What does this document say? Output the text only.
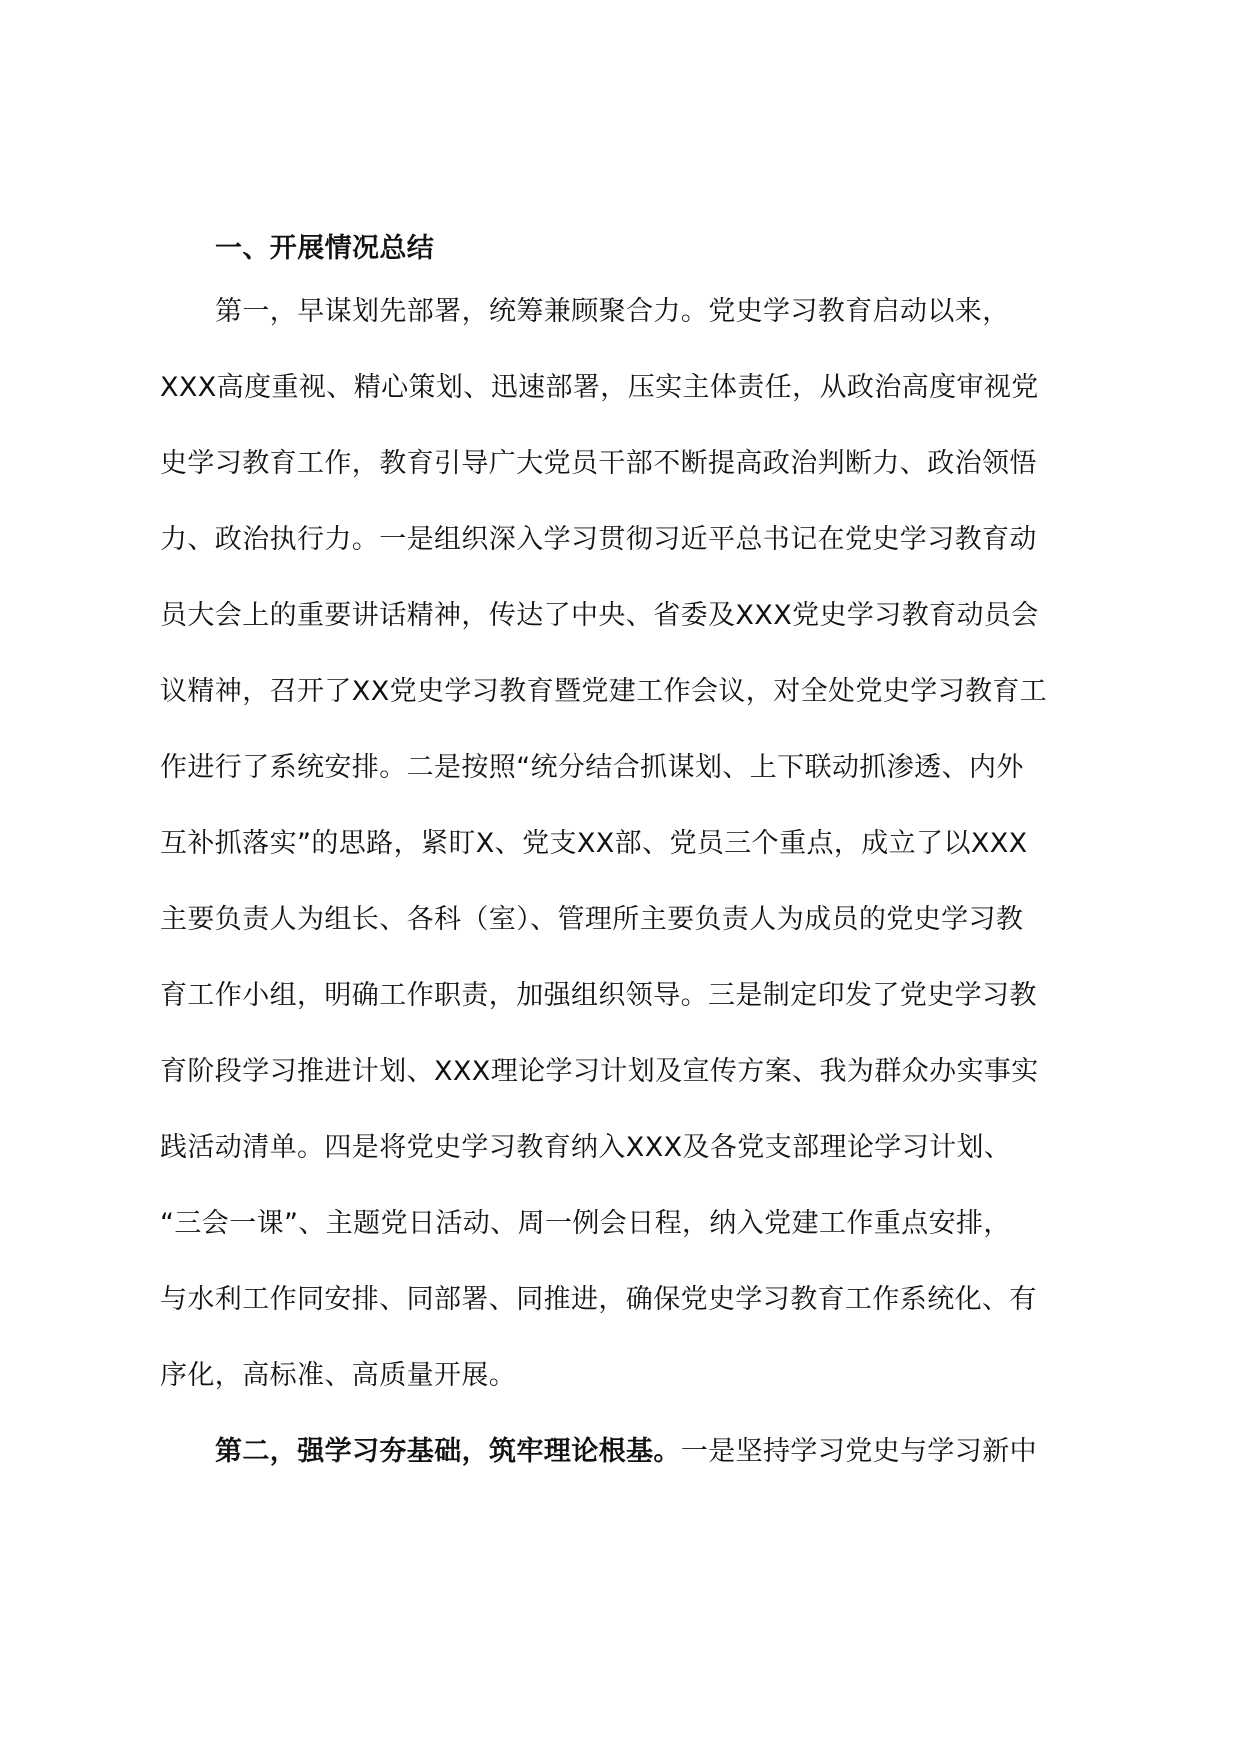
一、开展情况总结

第一，早谋划先部署，统筹兼顾聚合力。党史学习教育启动以来，

XXX高度重视、精心策划、迅速部署，压实主体责任，从政治高度审视党

史学习教育工作，教育引导广大党员干部不断提高政治判断力、政治领悟

力、政治执行力。一是组织深入学习贯彻习近平总书记在党史学习教育动

员大会上的重要讲话精神，传达了中央、省委及XXX党史学习教育动员会

议精神，召开了XX党史学习教育暨党建工作会议，对全处党史学习教育工

作进行了系统安排。二是按照“统分结合抓谋划、上下联动抓渗透、内外

互补抓落实”的思路，紧盯X、党支XX部、党员三个重点，成立了以XXX

主要负责人为组长、各科（室）、管理所主要负责人为成员的党史学习教

育工作小组，明确工作职责，加强组织领导。三是制定印发了党史学习教

育阶段学习推进计划、XXX理论学习计划及宣传方案、我为群众办实事实

践活动清单。四是将党史学习教育纳入XXX及各党支部理论学习计划、

“三会一课”、主题党日活动、周一例会日程，纳入党建工作重点安排，

与水利工作同安排、同部署、同推进，确保党史学习教育工作系统化、有

序化，高标准、高质量开展。

第二，强学习夯基础，筑牢理论根基。一是坚持学习党史与学习新中
